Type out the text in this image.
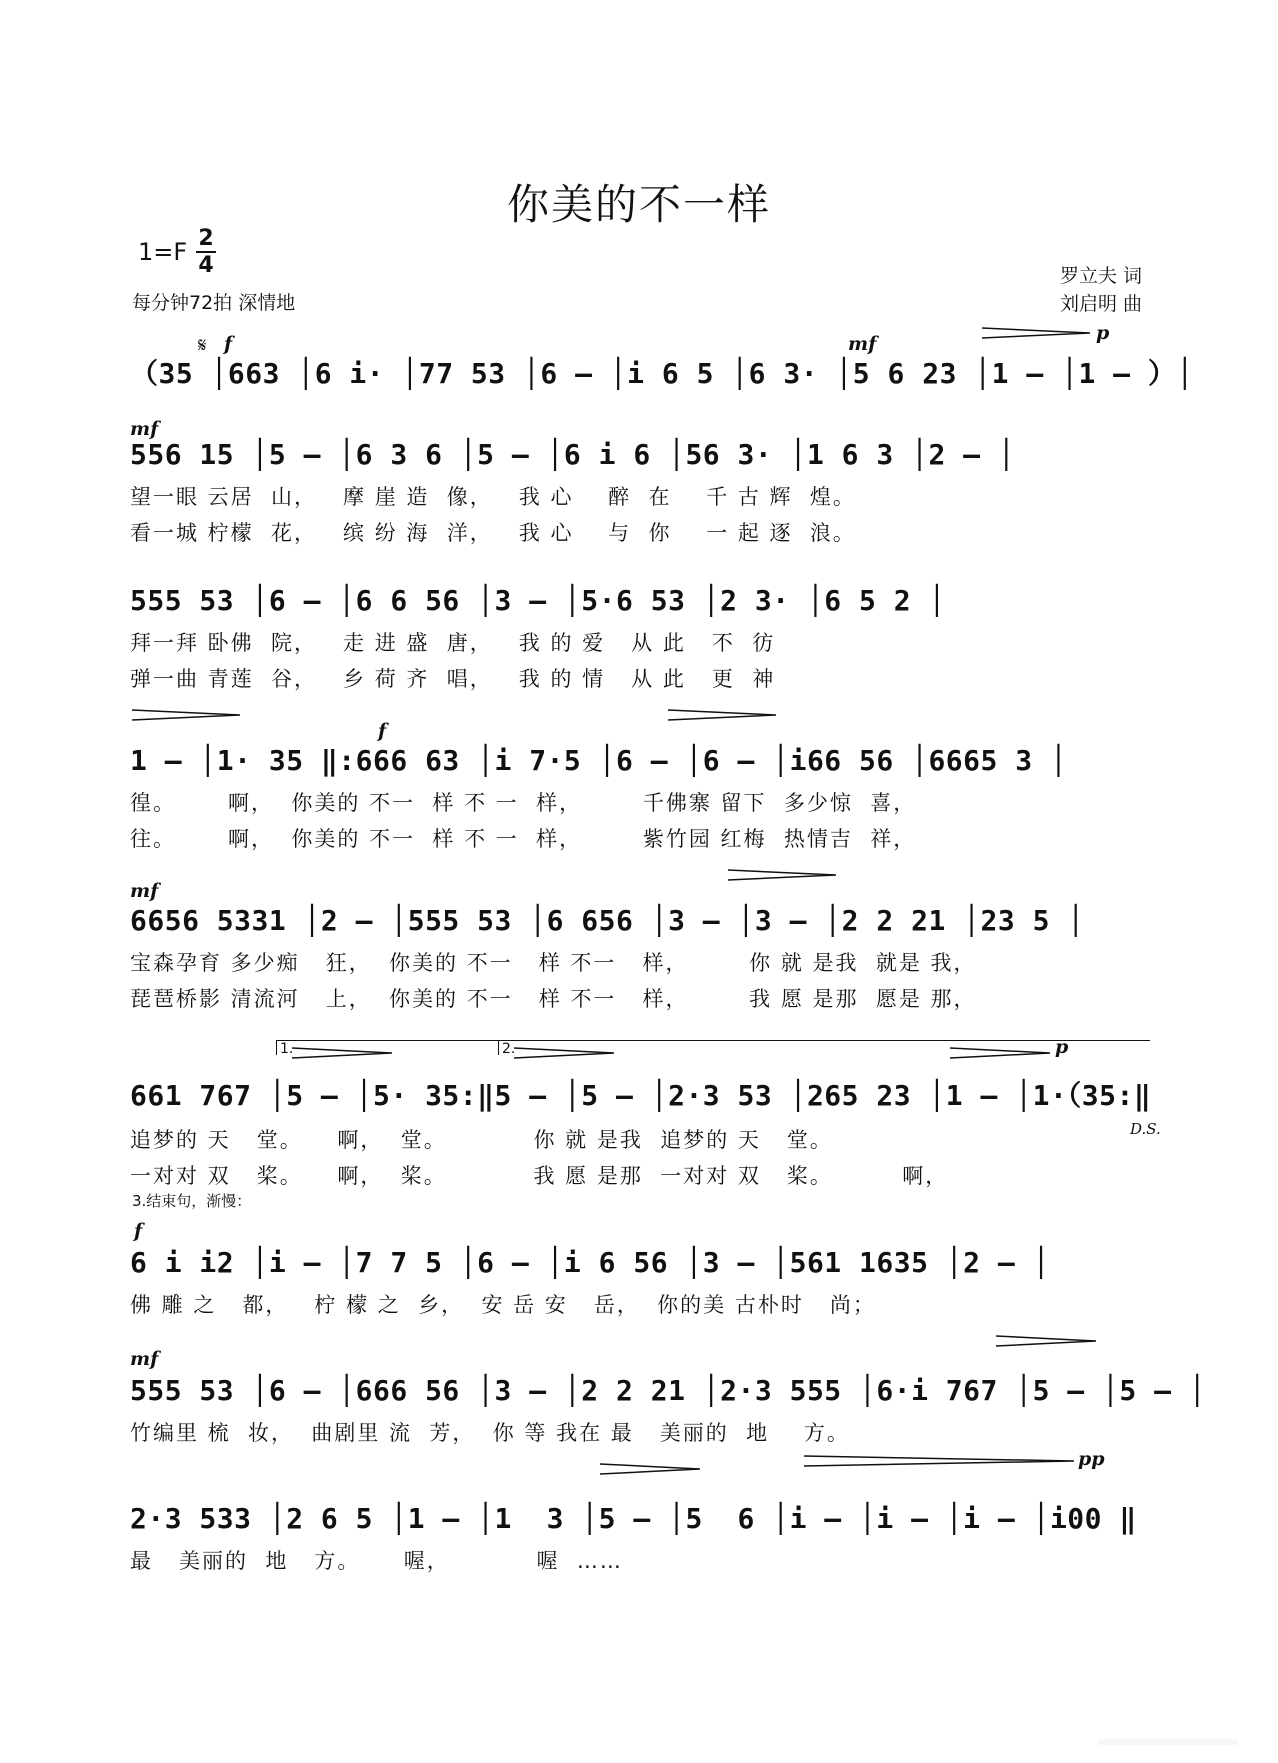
你美的不一样
1=F 2
4
每分钟72拍 深情地
罗立夫 词
刘启明 曲
𝄋 f	mf	p
mf
f
mf
p
f
mf
pp
D.S.
1.	2.
3.结束句，渐慢：
（35 │663 │6 i· │77 53 │6 – │i 6 5 │6 3· │5 6 23 │1 – │1 – ）│
556 15 │5 – │6 3 6 │5 – │6 i 6 │56 3· │1 6 3 │2 – │
望一眼 云居  山，   摩 崖 造  像，   我 心    醉  在    千 古 辉  煌。
看一城 柠檬  花，   缤 纷 海  洋，   我 心    与  你    一 起 逐  浪。
555 53 │6 – │6 6 56 │3 – │5·6 53 │2 3· │6 5 2 │
拜一拜 卧佛  院，   走 进 盛  唐，   我 的 爱   从 此   不  彷
弹一曲 青莲  谷，   乡 荷 齐  唱，   我 的 情   从 此   更  神
1 – │1· 35 ‖:666 63 │i 7·5 │6 – │6 – │i66 56 │6665 3 │
徨。      啊，  你美的 不一  样 不 一  样，       千佛寨 留下  多少惊  喜，
往。      啊，  你美的 不一  样 不 一  样，       紫竹园 红梅  热情吉  祥，
6656 5331 │2 – │555 53 │6 656 │3 – │3 – │2 2 21 │23 5 │
宝森孕育 多少痴   狂，  你美的 不一   样 不一   样，       你 就 是我  就是 我，
琵琶桥影 清流河   上，  你美的 不一   样 不一   样，       我 愿 是那  愿是 那，
661 767 │5 – │5· 35:‖5 – │5 – │2·3 53 │265 23 │1 – │1·（35:‖
追梦的 天   堂。    啊，  堂。          你 就 是我  追梦的 天   堂。
一对对 双   桨。    啊，  桨。          我 愿 是那  一对对 双   桨。        啊，
6 i i2 │i – │7 7 5 │6 – │i 6 56 │3 – │561 1635 │2 – │
佛 雕 之   都，   柠 檬 之  乡，  安 岳 安   岳，  你的美 古朴时   尚；
555 53 │6 – │666 56 │3 – │2 2 21 │2·3 555 │6·i 767 │5 – │5 – │
竹编里 梳  妆，  曲剧里 流  芳，  你 等 我在 最   美丽的  地    方。
2·3 533 │2 6 5 │1 – │1  3 │5 – │5  6 │i – │i – │i – │i00 ‖
最   美丽的  地   方。     喔，          喔  ……
